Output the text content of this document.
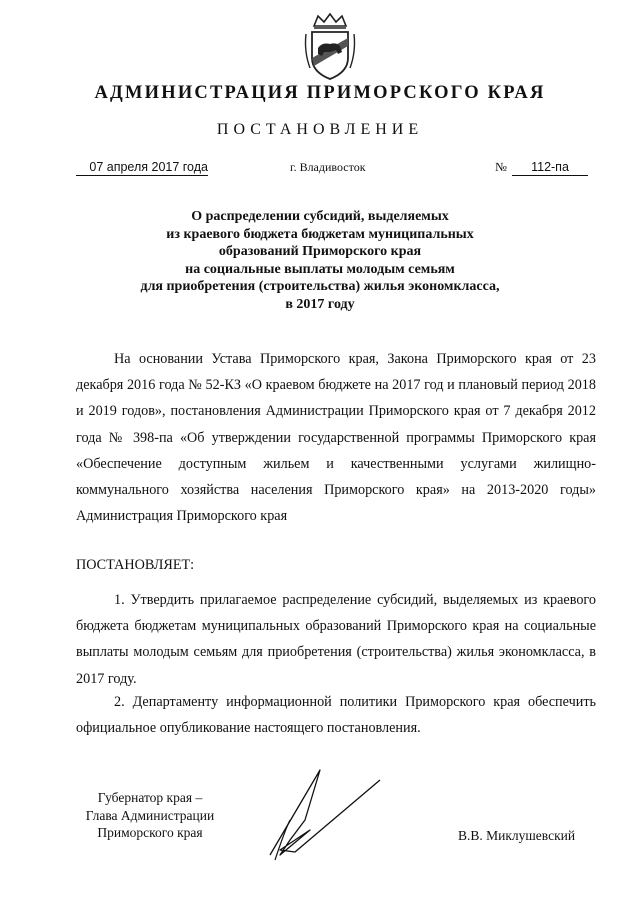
АДМИНИСТРАЦИЯ ПРИМОРСКОГО КРАЯ
ПОСТАНОВЛЕНИЕ
07 апреля 2017 года	г. Владивосток	№	112-па
О распределении субсидий, выделяемых
из краевого бюджета бюджетам муниципальных
образований Приморского края
на социальные выплаты молодым семьям
для приобретения (строительства) жилья экономкласса,
в 2017 году
На основании Устава Приморского края, Закона Приморского края от 23 декабря 2016 года № 52-КЗ «О краевом бюджете на 2017 год и плановый период 2018 и 2019 годов», постановления Администрации Приморского края от 7 декабря 2012 года № 398-па «Об утверждении государственной программы Приморского края «Обеспечение доступным жильем и качественными услугами жилищно-коммунального хозяйства населения Приморского края» на 2013-2020 годы» Администрация Приморского края
ПОСТАНОВЛЯЕТ:
1. Утвердить прилагаемое распределение субсидий, выделяемых из краевого бюджета бюджетам муниципальных образований Приморского края на социальные выплаты молодым семьям для приобретения (строительства) жилья экономкласса, в 2017 году.
2. Департаменту информационной политики Приморского края обеспечить официальное опубликование настоящего постановления.
Губернатор края –
Глава Администрации
Приморского края	В.В. Миклушевский
